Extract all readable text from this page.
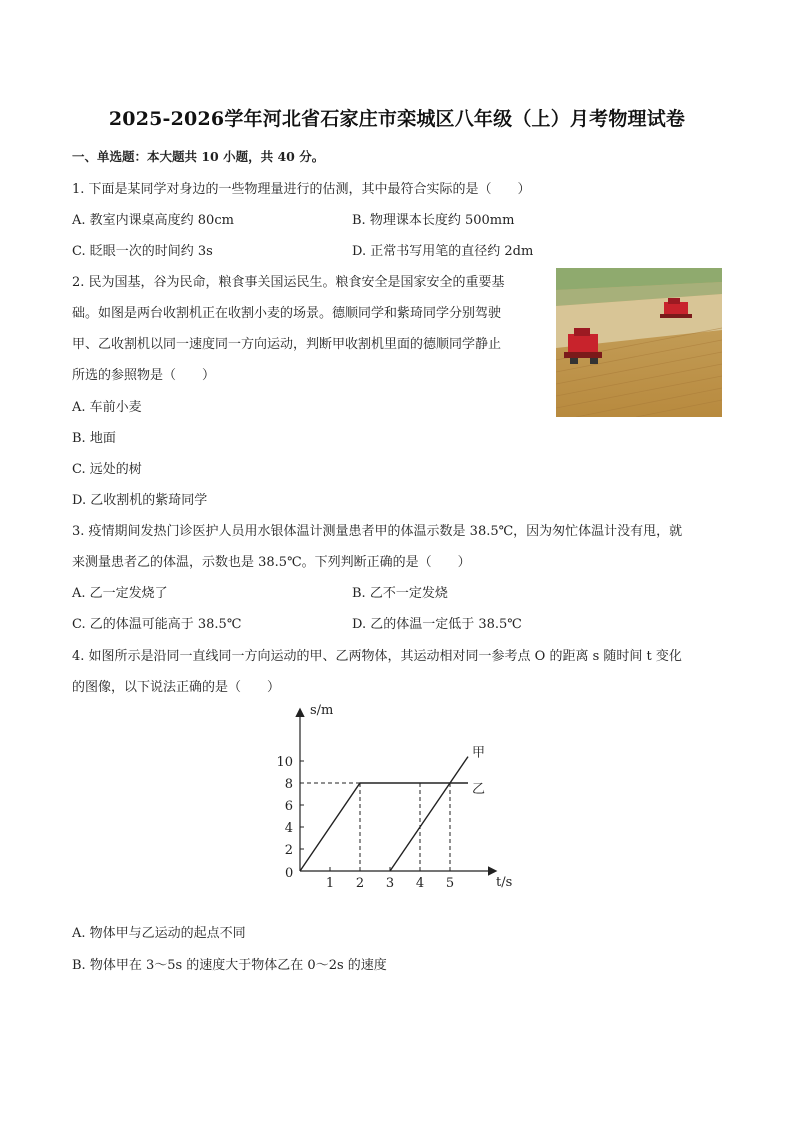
2025-2026学年河北省石家庄市栾城区八年级（上）月考物理试卷
一、单选题：本大题共 10 小题，共 40 分。
1. 下面是某同学对身边的一些物理量进行的估测，其中最符合实际的是（　　）
A. 教室内课桌高度约 80cm	B. 物理课本长度约 500mm
C. 眨眼一次的时间约 3s	D. 正常书写用笔的直径约 2dm
2. 民为国基，谷为民命，粮食事关国运民生。粮食安全是国家安全的重要基
础。如图是两台收割机正在收割小麦的场景。德顺同学和紫琦同学分别驾驶
甲、乙收割机以同一速度同一方向运动，判断甲收割机里面的德顺同学静止
所选的参照物是（　　）
A. 车前小麦
B. 地面
C. 远处的树
D. 乙收割机的紫琦同学
3. 疫情期间发热门诊医护人员用水银体温计测量患者甲的体温示数是 38.5℃，因为匆忙体温计没有甩，就
来测量患者乙的体温，示数也是 38.5℃。下列判断正确的是（　　）
A. 乙一定发烧了	B. 乙不一定发烧
C. 乙的体温可能高于 38.5℃	D. 乙的体温一定低于 38.5℃
4. 如图所示是沿同一直线同一方向运动的甲、乙两物体，其运动相对同一参考点 O 的距离 s 随时间 t 变化
的图像，以下说法正确的是（　　）
s/m
t/s
0
1 2 3 4 5
2
4
6
8
10
甲
乙
A. 物体甲与乙运动的起点不同
B. 物体甲在 3～5s 的速度大于物体乙在 0～2s 的速度
